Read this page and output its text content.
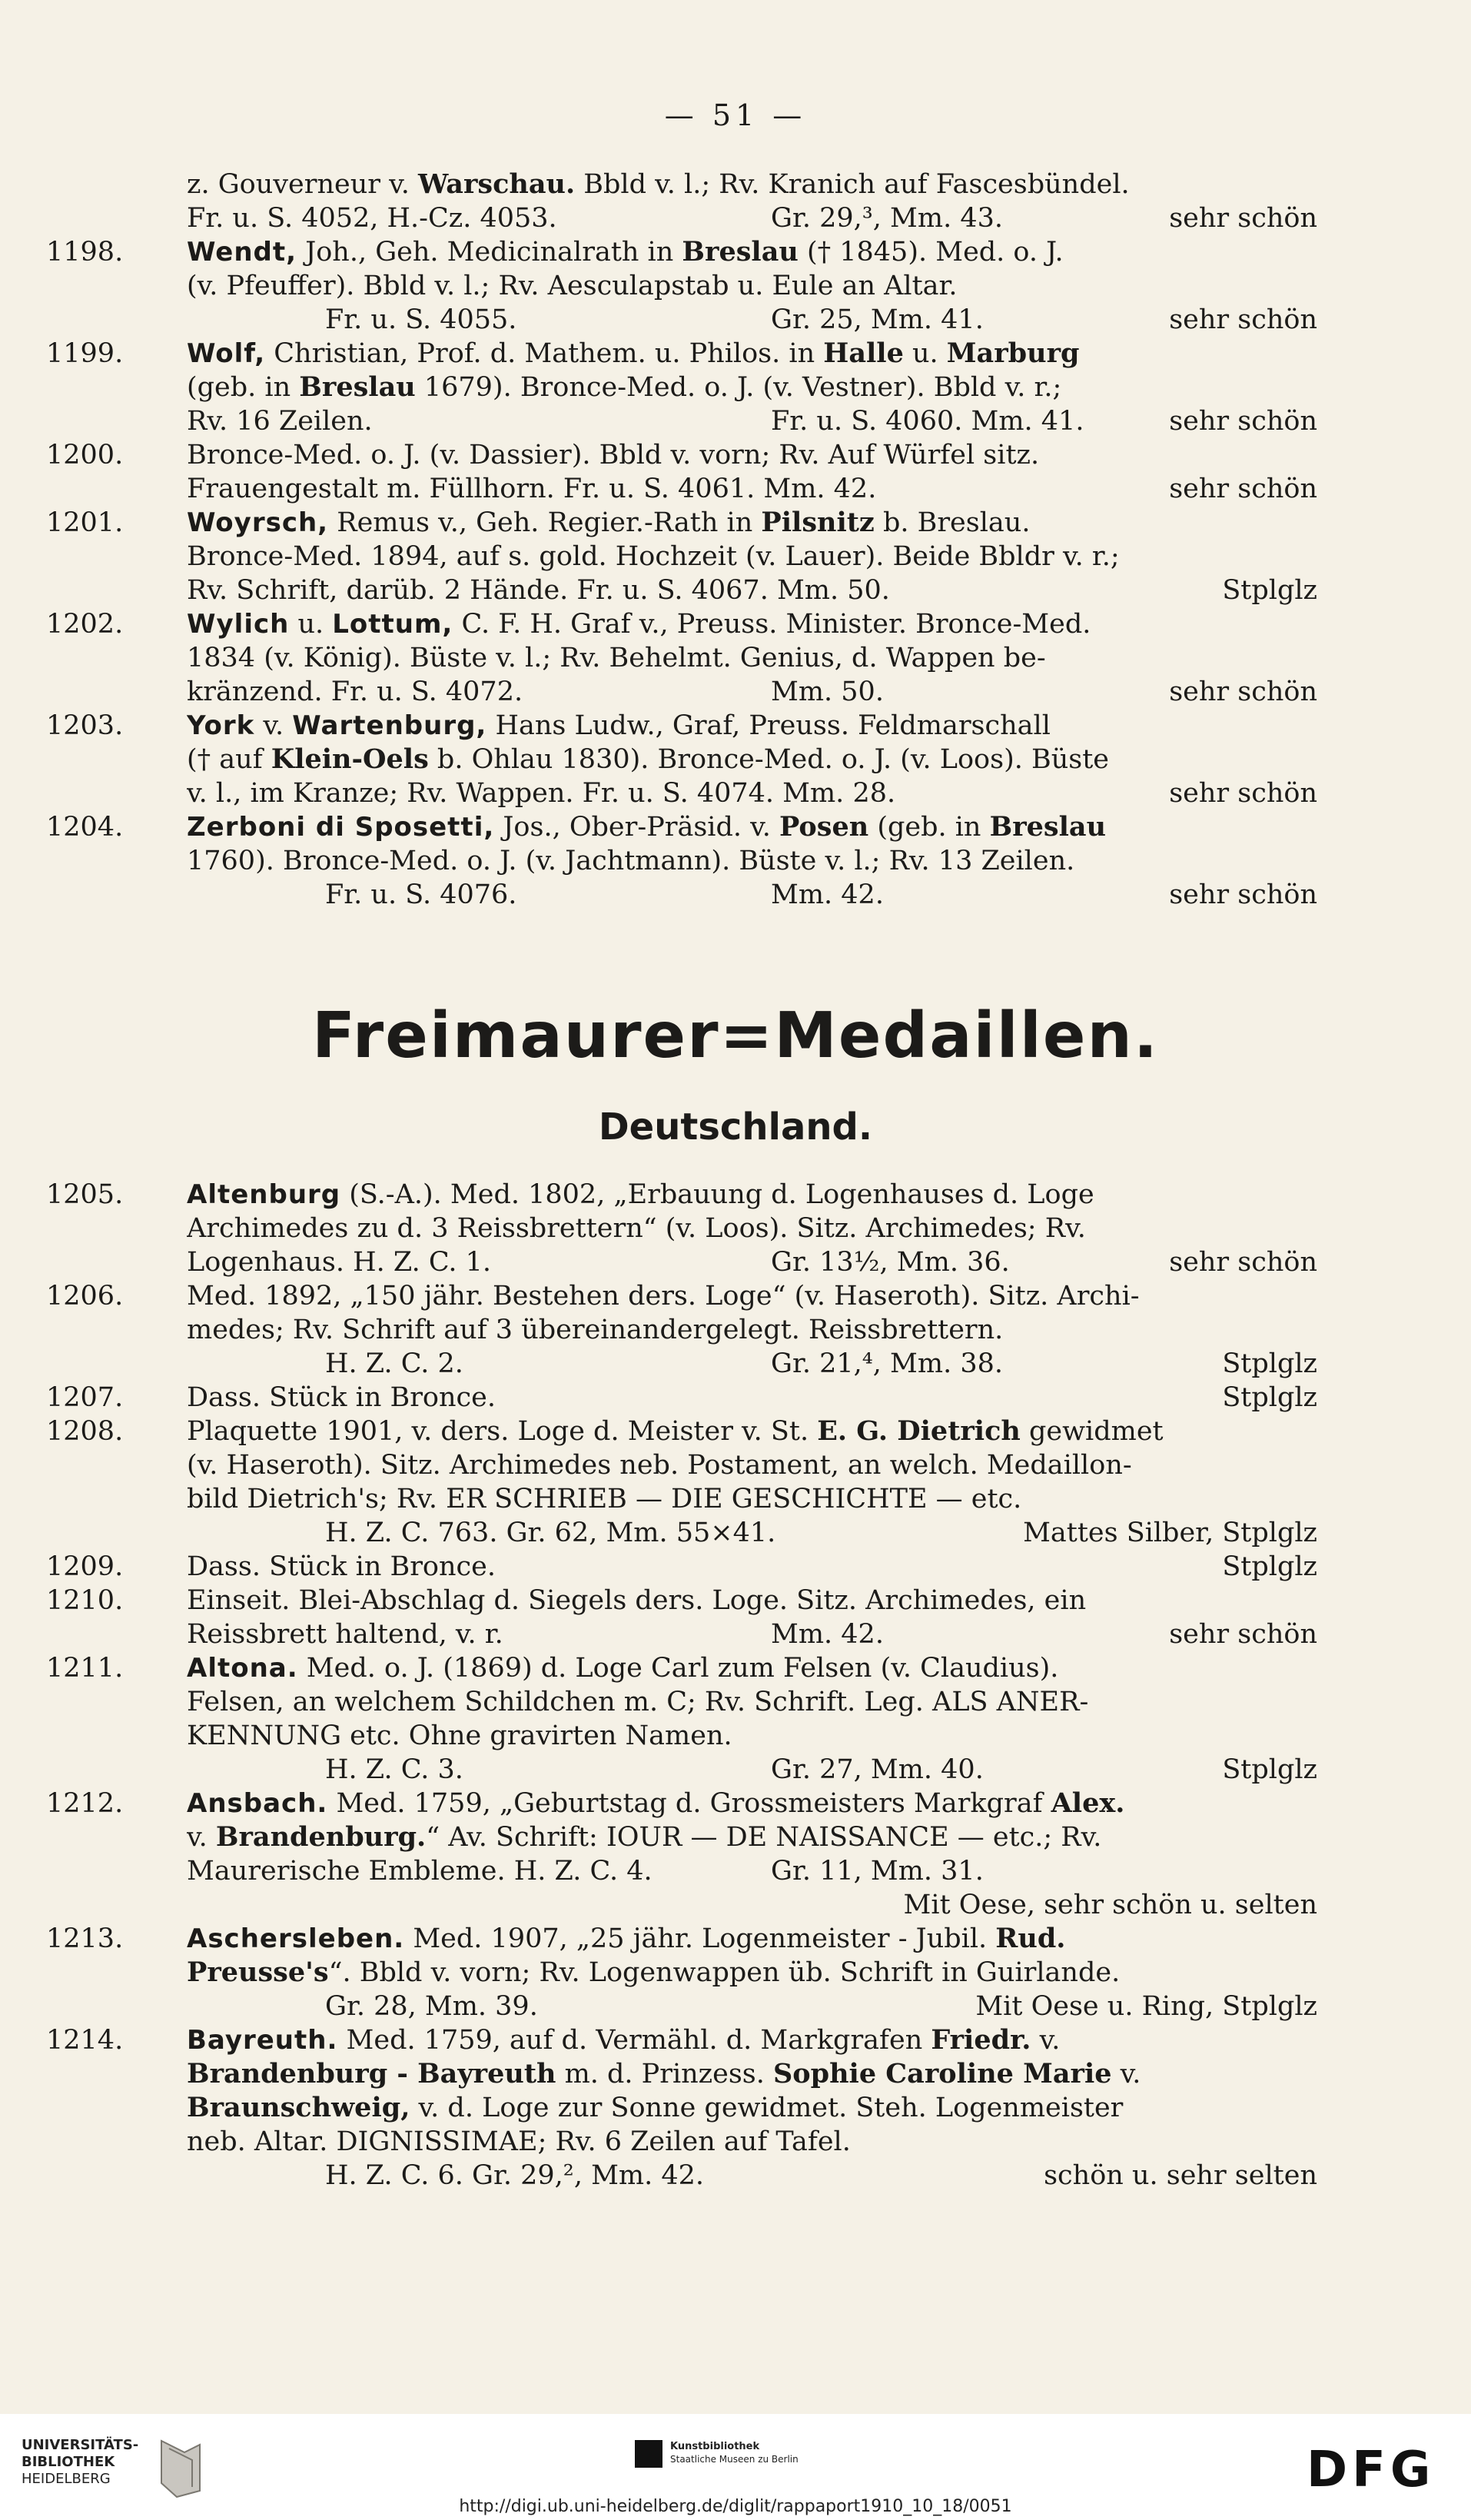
— 51 —
z. Gouverneur v. Warschau. Bbld v. l.; Rv. Kranich auf Fascesbündel.
Fr. u. S. 4052, H.-Cz. 4053.	Gr. 29,³, Mm. 43.	sehr schön
1198.	Wendt, Joh., Geh. Medicinalrath in Breslau († 1845). Med. o. J.
(v. Pfeuffer). Bbld v. l.; Rv. Aesculapstab u. Eule an Altar.
Fr. u. S. 4055.	Gr. 25, Mm. 41.	sehr schön
1199.	Wolf, Christian, Prof. d. Mathem. u. Philos. in Halle u. Marburg
(geb. in Breslau 1679). Bronce-Med. o. J. (v. Vestner). Bbld v. r.;
Rv. 16 Zeilen.	Fr. u. S. 4060. Mm. 41.	sehr schön
1200.	Bronce-Med. o. J. (v. Dassier). Bbld v. vorn; Rv. Auf Würfel sitz.
Frauengestalt m. Füllhorn. Fr. u. S. 4061. Mm. 42.	sehr schön
1201.	Woyrsch, Remus v., Geh. Regier.-Rath in Pilsnitz b. Breslau.
Bronce-Med. 1894, auf s. gold. Hochzeit (v. Lauer). Beide Bbldr v. r.;
Rv. Schrift, darüb. 2 Hände. Fr. u. S. 4067. Mm. 50.	Stplglz
1202.	Wylich u. Lottum, C. F. H. Graf v., Preuss. Minister. Bronce-Med.
1834 (v. König). Büste v. l.; Rv. Behelmt. Genius, d. Wappen be-
kränzend. Fr. u. S. 4072.	Mm. 50.	sehr schön
1203.	York v. Wartenburg, Hans Ludw., Graf, Preuss. Feldmarschall
(† auf Klein-Oels b. Ohlau 1830). Bronce-Med. o. J. (v. Loos). Büste
v. l., im Kranze; Rv. Wappen. Fr. u. S. 4074. Mm. 28.	sehr schön
1204.	Zerboni di Sposetti, Jos., Ober-Präsid. v. Posen (geb. in Breslau
1760). Bronce-Med. o. J. (v. Jachtmann). Büste v. l.; Rv. 13 Zeilen.
Fr. u. S. 4076.	Mm. 42.	sehr schön
Freimaurer=Medaillen.
Deutschland.
1205.	Altenburg (S.-A.). Med. 1802, „Erbauung d. Logenhauses d. Loge
Archimedes zu d. 3 Reissbrettern“ (v. Loos). Sitz. Archimedes; Rv.
Logenhaus. H. Z. C. 1.	Gr. 13½, Mm. 36.	sehr schön
1206.	Med. 1892, „150 jähr. Bestehen ders. Loge“ (v. Haseroth). Sitz. Archi-
medes; Rv. Schrift auf 3 übereinandergelegt. Reissbrettern.
H. Z. C. 2.	Gr. 21,⁴, Mm. 38.	Stplglz
1207.	Dass. Stück in Bronce.	Stplglz
1208.	Plaquette 1901, v. ders. Loge d. Meister v. St. E. G. Dietrich gewidmet
(v. Haseroth). Sitz. Archimedes neb. Postament, an welch. Medaillon-
bild Dietrich's; Rv. ER SCHRIEB — DIE GESCHICHTE — etc.
H. Z. C. 763. Gr. 62, Mm. 55×41.	Mattes Silber, Stplglz
1209.	Dass. Stück in Bronce.	Stplglz
1210.	Einseit. Blei-Abschlag d. Siegels ders. Loge. Sitz. Archimedes, ein
Reissbrett haltend, v. r.	Mm. 42.	sehr schön
1211.	Altona. Med. o. J. (1869) d. Loge Carl zum Felsen (v. Claudius).
Felsen, an welchem Schildchen m. C; Rv. Schrift. Leg. ALS ANER-
KENNUNG etc. Ohne gravirten Namen.
H. Z. C. 3.	Gr. 27, Mm. 40.	Stplglz
1212.	Ansbach. Med. 1759, „Geburtstag d. Grossmeisters Markgraf Alex.
v. Brandenburg.“ Av. Schrift: IOUR — DE NAISSANCE — etc.; Rv.
Maurerische Embleme. H. Z. C. 4.	Gr. 11, Mm. 31.

Mit Oese, sehr schön u. selten
1213.	Aschersleben. Med. 1907, „25 jähr. Logenmeister - Jubil. Rud.
Preusse's“. Bbld v. vorn; Rv. Logenwappen üb. Schrift in Guirlande.
Gr. 28, Mm. 39.	Mit Oese u. Ring, Stplglz
1214.	Bayreuth. Med. 1759, auf d. Vermähl. d. Markgrafen Friedr. v.
Brandenburg - Bayreuth m. d. Prinzess. Sophie Caroline Marie v.
Braunschweig, v. d. Loge zur Sonne gewidmet. Steh. Logenmeister
neb. Altar. DIGNISSIMAE; Rv. 6 Zeilen auf Tafel.
H. Z. C. 6. Gr. 29,², Mm. 42.	schön u. sehr selten
UNIVERSITÄTS-
BIBLIOTHEK
HEIDELBERG
Kunstbibliothek
Staatliche Museen zu Berlin	DFG
http://digi.ub.uni-heidelberg.de/diglit/rappaport1910_10_18/0051
